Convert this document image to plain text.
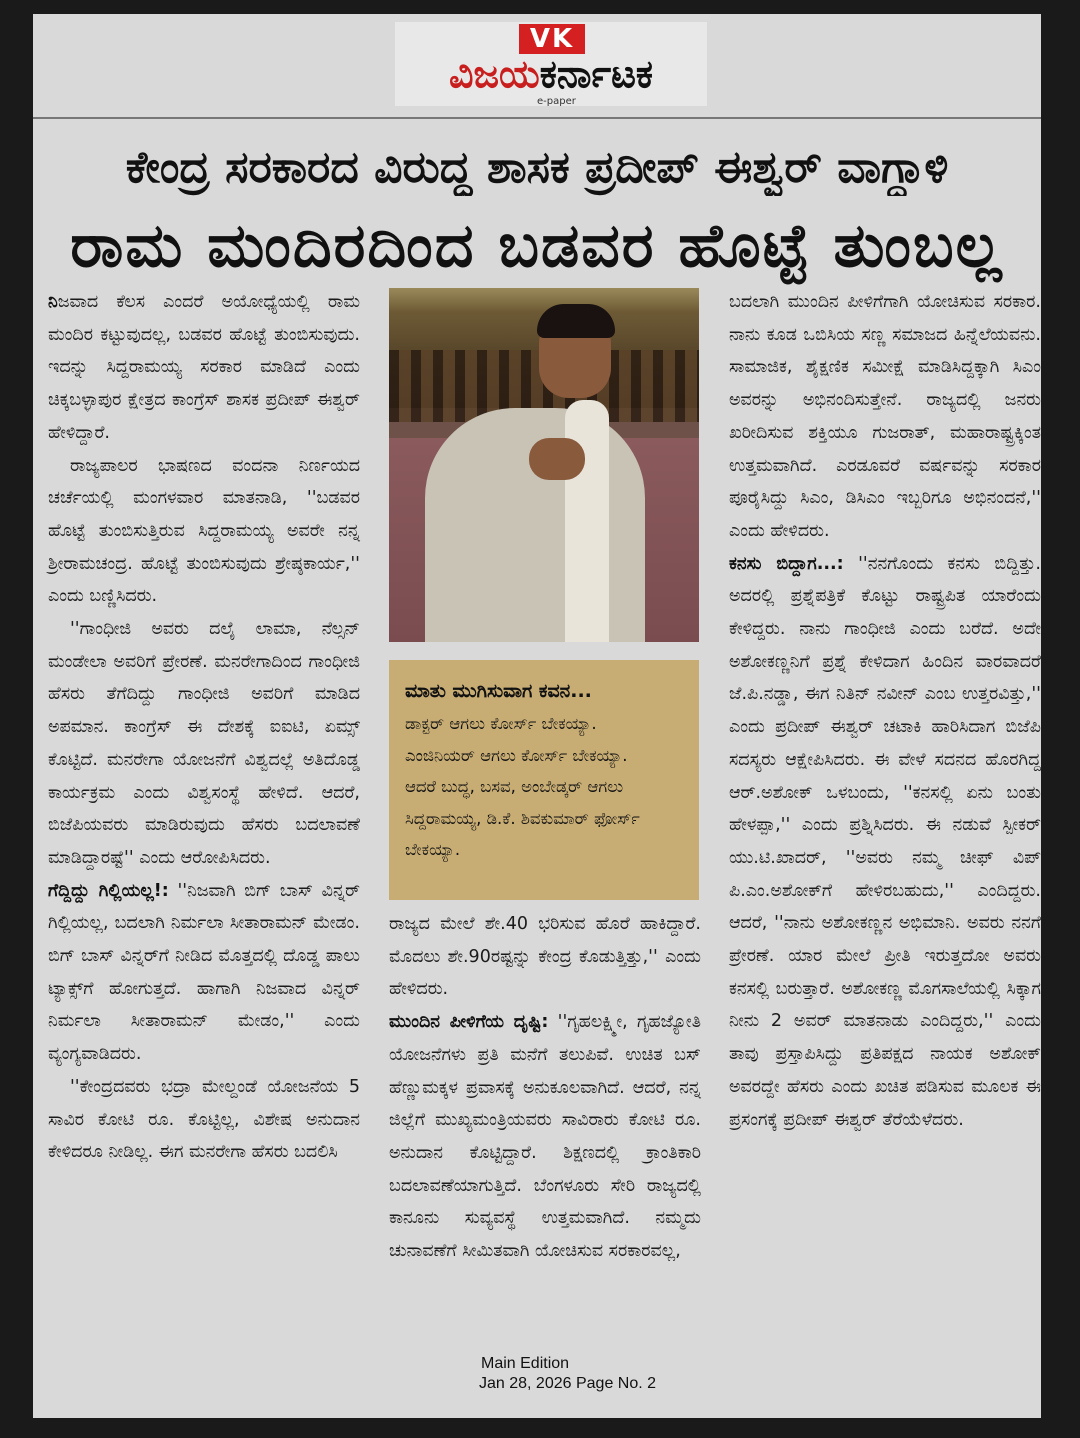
VK
ವಿಜಯಕರ್ನಾಟಕ
e-paper
ಕೇಂದ್ರ ಸರಕಾರದ ವಿರುದ್ಧ ಶಾಸಕ ಪ್ರದೀಪ್ ಈಶ್ವರ್ ವಾಗ್ದಾಳಿ
ರಾಮ ಮಂದಿರದಿಂದ ಬಡವರ ಹೊಟ್ಟೆ ತುಂಬಲ್ಲ

ನಿಜವಾದ ಕೆಲಸ ಎಂದರೆ ಅಯೋಧ್ಯೆಯಲ್ಲಿ ರಾಮ ಮಂದಿರ ಕಟ್ಟುವುದಲ್ಲ, ಬಡವರ ಹೊಟ್ಟೆ ತುಂಬಿಸುವುದು. ಇದನ್ನು ಸಿದ್ದರಾಮಯ್ಯ ಸರಕಾರ ಮಾಡಿದೆ ಎಂದು ಚಿಕ್ಕಬಳ್ಳಾಪುರ ಕ್ಷೇತ್ರದ ಕಾಂಗ್ರೆಸ್ ಶಾಸಕ ಪ್ರದೀಪ್ ಈಶ್ವರ್ ಹೇಳಿದ್ದಾರೆ.

ರಾಜ್ಯಪಾಲರ ಭಾಷಣದ ವಂದನಾ ನಿರ್ಣಯದ ಚರ್ಚೆಯಲ್ಲಿ ಮಂಗಳವಾರ ಮಾತನಾಡಿ, ''ಬಡವರ ಹೊಟ್ಟೆ ತುಂಬಿಸುತ್ತಿರುವ ಸಿದ್ದರಾಮಯ್ಯ ಅವರೇ ನನ್ನ ಶ್ರೀರಾಮಚಂದ್ರ. ಹೊಟ್ಟೆ ತುಂಬಿಸುವುದು ಶ್ರೇಷ್ಠಕಾರ್ಯ,'' ಎಂದು ಬಣ್ಣಿಸಿದರು.

''ಗಾಂಧೀಜಿ ಅವರು ದಲೈ ಲಾಮಾ, ನೆಲ್ಸನ್ ಮಂಡೇಲಾ ಅವರಿಗೆ ಪ್ರೇರಣೆ. ಮನರೇಗಾದಿಂದ ಗಾಂಧೀಜಿ ಹೆಸರು ತೆಗೆದಿದ್ದು ಗಾಂಧೀಜಿ ಅವರಿಗೆ ಮಾಡಿದ ಅಪಮಾನ. ಕಾಂಗ್ರೆಸ್ ಈ ದೇಶಕ್ಕೆ ಐಐಟಿ, ಏಮ್ಸ್ ಕೊಟ್ಟಿದೆ. ಮನರೇಗಾ ಯೋಜನೆಗೆ ವಿಶ್ವದಲ್ಲೆ ಅತಿದೊಡ್ಡ ಕಾರ್ಯಕ್ರಮ ಎಂದು ವಿಶ್ವಸಂಸ್ಥೆ ಹೇಳಿದೆ. ಆದರೆ, ಬಿಜೆಪಿಯವರು ಮಾಡಿರುವುದು ಹೆಸರು ಬದಲಾವಣೆ ಮಾಡಿದ್ದಾರಷ್ಟೆ'' ಎಂದು ಆರೋಪಿಸಿದರು.

ಗೆದ್ದಿದ್ದು ಗಿಲ್ಲಿಯಲ್ಲ!: ''ನಿಜವಾಗಿ ಬಿಗ್ ಬಾಸ್ ವಿನ್ನರ್ ಗಿಲ್ಲಿಯಲ್ಲ, ಬದಲಾಗಿ ನಿರ್ಮಲಾ ಸೀತಾರಾಮನ್ ಮೇಡಂ. ಬಿಗ್ ಬಾಸ್ ವಿನ್ನರ್‌ಗೆ ನೀಡಿದ ಮೊತ್ತದಲ್ಲಿ ದೊಡ್ಡ ಪಾಲು ಟ್ಯಾಕ್ಸ್‌ಗೆ ಹೋಗುತ್ತದೆ. ಹಾಗಾಗಿ ನಿಜವಾದ ವಿನ್ನರ್ ನಿರ್ಮಲಾ ಸೀತಾರಾಮನ್ ಮೇಡಂ,'' ಎಂದು ವ್ಯಂಗ್ಯವಾಡಿದರು.

''ಕೇಂದ್ರದವರು ಭದ್ರಾ ಮೇಲ್ದಂಡೆ ಯೋಜನೆಯ 5 ಸಾವಿರ ಕೋಟಿ ರೂ. ಕೊಟ್ಟಿಲ್ಲ, ವಿಶೇಷ ಅನುದಾನ ಕೇಳಿದರೂ ನೀಡಿಲ್ಲ. ಈಗ ಮನರೇಗಾ ಹೆಸರು ಬದಲಿಸಿ

ಮಾತು ಮುಗಿಸುವಾಗ ಕವನ...

ಡಾಕ್ಟರ್ ಆಗಲು ಕೋರ್ಸ್ ಬೇಕಯ್ಯಾ.

ಎಂಜಿನಿಯರ್ ಆಗಲು ಕೋರ್ಸ್ ಬೇಕಯ್ಯಾ.

ಆದರೆ ಬುದ್ಧ, ಬಸವ, ಅಂಬೇಡ್ಕರ್ ಆಗಲು ಸಿದ್ದರಾಮಯ್ಯ, ಡಿ.ಕೆ. ಶಿವಕುಮಾರ್ ಫೋರ್ಸ್ ಬೇಕಯ್ಯಾ.

ರಾಜ್ಯದ ಮೇಲೆ ಶೇ.40 ಭರಿಸುವ ಹೊರೆ ಹಾಕಿದ್ದಾರೆ. ಮೊದಲು ಶೇ.90ರಷ್ಟನ್ನು ಕೇಂದ್ರ ಕೊಡುತ್ತಿತ್ತು,'' ಎಂದು ಹೇಳಿದರು.

ಮುಂದಿನ ಪೀಳಿಗೆಯ ದೃಷ್ಟಿ: ''ಗೃಹಲಕ್ಷ್ಮೀ, ಗೃಹಜ್ಯೋತಿ ಯೋಜನೆಗಳು ಪ್ರತಿ ಮನೆಗೆ ತಲುಪಿವೆ. ಉಚಿತ ಬಸ್ ಹೆಣ್ಣುಮಕ್ಕಳ ಪ್ರವಾಸಕ್ಕೆ ಅನುಕೂಲವಾಗಿದೆ. ಆದರೆ, ನನ್ನ ಜಿಲ್ಲೆಗೆ ಮುಖ್ಯಮಂತ್ರಿಯವರು ಸಾವಿರಾರು ಕೋಟಿ ರೂ. ಅನುದಾನ ಕೊಟ್ಟಿದ್ದಾರೆ. ಶಿಕ್ಷಣದಲ್ಲಿ ಕ್ರಾಂತಿಕಾರಿ ಬದಲಾವಣೆಯಾಗುತ್ತಿದೆ. ಬೆಂಗಳೂರು ಸೇರಿ ರಾಜ್ಯದಲ್ಲಿ ಕಾನೂನು ಸುವ್ಯವಸ್ಥೆ ಉತ್ತಮವಾಗಿದೆ. ನಮ್ಮದು ಚುನಾವಣೆಗೆ ಸೀಮಿತವಾಗಿ ಯೋಚಿಸುವ ಸರಕಾರವಲ್ಲ,

ಬದಲಾಗಿ ಮುಂದಿನ ಪೀಳಿಗೆಗಾಗಿ ಯೋಚಿಸುವ ಸರಕಾರ. ನಾನು ಕೂಡ ಒಬಿಸಿಯ ಸಣ್ಣ ಸಮಾಜದ ಹಿನ್ನೆಲೆಯವನು. ಸಾಮಾಜಿಕ, ಶೈಕ್ಷಣಿಕ ಸಮೀಕ್ಷೆ ಮಾಡಿಸಿದ್ದಕ್ಕಾಗಿ ಸಿಎಂ ಅವರನ್ನು ಅಭಿನಂದಿಸುತ್ತೇನೆ. ರಾಜ್ಯದಲ್ಲಿ ಜನರು ಖರೀದಿಸುವ ಶಕ್ತಿಯೂ ಗುಜರಾತ್, ಮಹಾರಾಷ್ಟ್ರಕ್ಕಿಂತ ಉತ್ತಮವಾಗಿದೆ. ಎರಡೂವರೆ ವರ್ಷವನ್ನು ಸರಕಾರ ಪೂರೈಸಿದ್ದು ಸಿಎಂ, ಡಿಸಿಎಂ ಇಬ್ಬರಿಗೂ ಅಭಿನಂದನೆ,'' ಎಂದು ಹೇಳಿದರು.

ಕನಸು ಬಿದ್ದಾಗ...: ''ನನಗೊಂದು ಕನಸು ಬಿದ್ದಿತ್ತು. ಅದರಲ್ಲಿ ಪ್ರಶ್ನೆಪತ್ರಿಕೆ ಕೊಟ್ಟು ರಾಷ್ಟ್ರಪಿತ ಯಾರೆಂದು ಕೇಳಿದ್ದರು. ನಾನು ಗಾಂಧೀಜಿ ಎಂದು ಬರೆದೆ. ಅದೇ ಅಶೋಕಣ್ಣನಿಗೆ ಪ್ರಶ್ನೆ ಕೇಳಿದಾಗ ಹಿಂದಿನ ವಾರವಾದರೆ ಜೆ.ಪಿ.ನಡ್ಡಾ, ಈಗ ನಿತಿನ್ ನವೀನ್ ಎಂಬ ಉತ್ತರವಿತ್ತು,'' ಎಂದು ಪ್ರದೀಪ್ ಈಶ್ವರ್ ಚಟಾಕಿ ಹಾರಿಸಿದಾಗ ಬಿಜೆಪಿ ಸದಸ್ಯರು ಆಕ್ಷೇಪಿಸಿದರು. ಈ ವೇಳೆ ಸದನದ ಹೊರಗಿದ್ದ ಆರ್.ಅಶೋಕ್ ಒಳಬಂದು, ''ಕನಸಲ್ಲಿ ಏನು ಬಂತು ಹೇಳಪ್ಪಾ,'' ಎಂದು ಪ್ರಶ್ನಿಸಿದರು. ಈ ನಡುವೆ ಸ್ಪೀಕರ್ ಯು.ಟಿ.ಖಾದರ್, ''ಅವರು ನಮ್ಮ ಚೀಫ್ ವಿಪ್ ಪಿ.ಎಂ.ಅಶೋಕ್‌ಗೆ ಹೇಳಿರಬಹುದು,'' ಎಂದಿದ್ದರು. ಆದರೆ, ''ನಾನು ಅಶೋಕಣ್ಣನ ಅಭಿಮಾನಿ. ಅವರು ನನಗೆ ಪ್ರೇರಣೆ. ಯಾರ ಮೇಲೆ ಪ್ರೀತಿ ಇರುತ್ತದೋ ಅವರು ಕನಸಲ್ಲಿ ಬರುತ್ತಾರೆ. ಅಶೋಕಣ್ಣ ಮೊಗಸಾಲೆಯಲ್ಲಿ ಸಿಕ್ಕಾಗ ನೀನು 2 ಅವರ್ ಮಾತನಾಡು ಎಂದಿದ್ದರು,'' ಎಂದು ತಾವು ಪ್ರಸ್ತಾಪಿಸಿದ್ದು ಪ್ರತಿಪಕ್ಷದ ನಾಯಕ ಅಶೋಕ್ ಅವರದ್ದೇ ಹೆಸರು ಎಂದು ಖಚಿತ ಪಡಿಸುವ ಮೂಲಕ ಈ ಪ್ರಸಂಗಕ್ಕೆ ಪ್ರದೀಪ್ ಈಶ್ವರ್ ತೆರೆಯೆಳೆದರು.

Main Edition
Jan 28, 2026 Page No. 2
